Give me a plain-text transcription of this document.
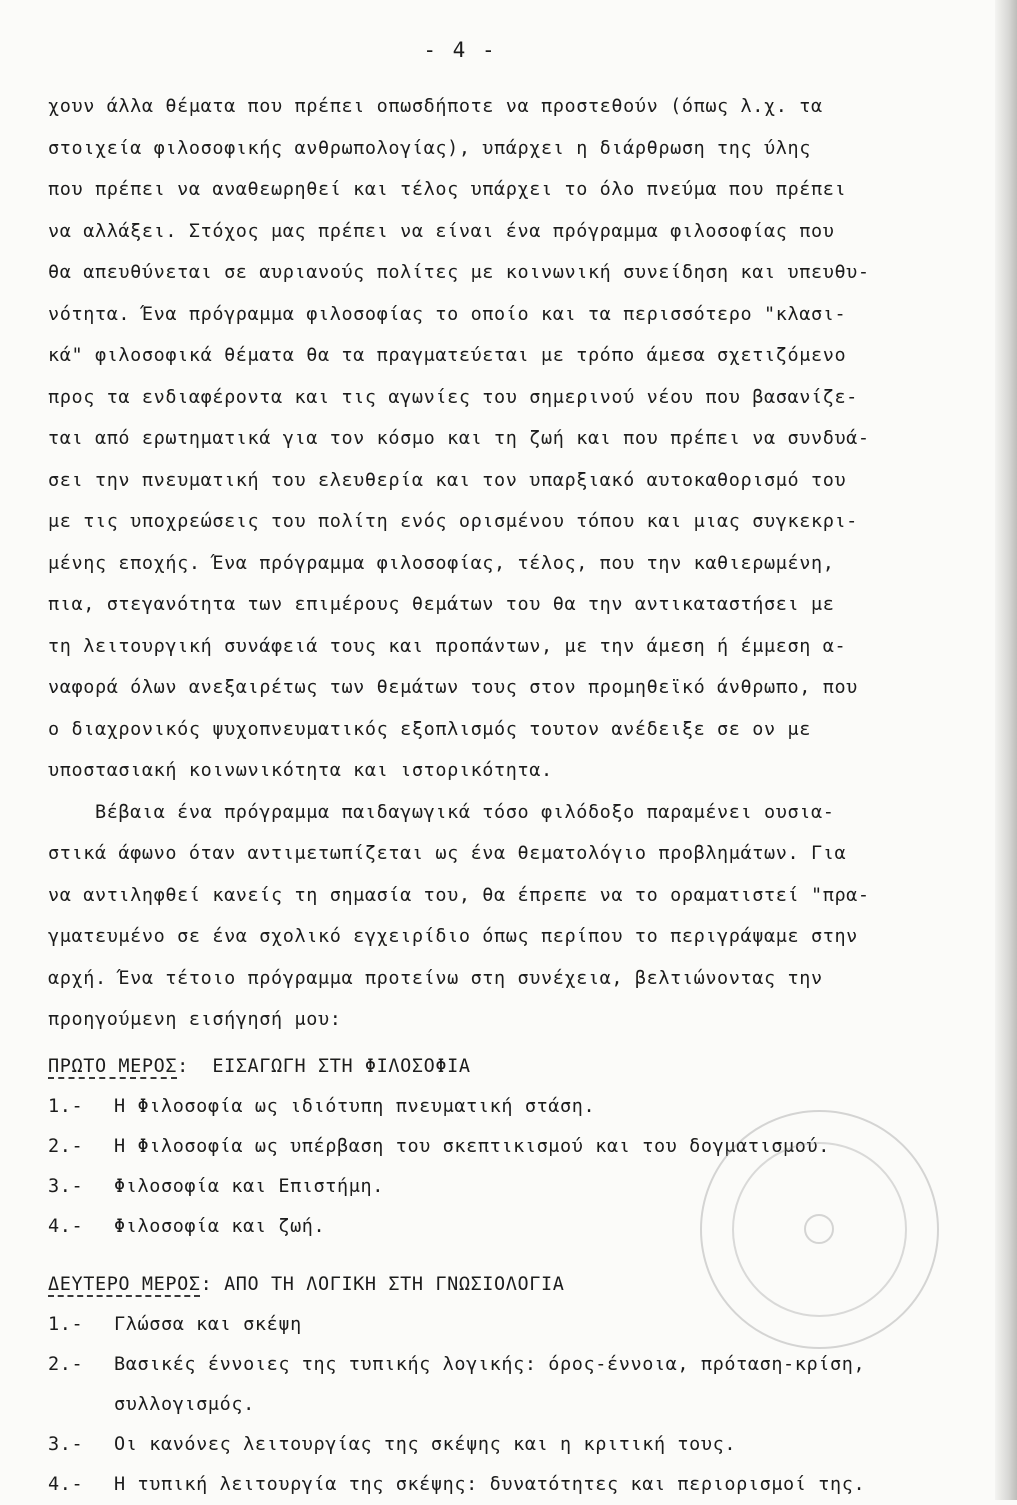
- 4 -
χουν άλλα θέματα που πρέπει οπωσδήποτε να προστεθούν (όπως λ.χ. τα
στοιχεία φιλοσοφικής ανθρωπολογίας), υπάρχει η διάρθρωση της ύλης
που πρέπει να αναθεωρηθεί και τέλος υπάρχει το όλο πνεύμα που πρέπει
να αλλάξει. Στόχος μας πρέπει να είναι ένα πρόγραμμα φιλοσοφίας που
θα απευθύνεται σε αυριανούς πολίτες με κοινωνική συνείδηση και υπευθυ-
νότητα. Ένα πρόγραμμα φιλοσοφίας το οποίο και τα περισσότερο "κλασι-
κά" φιλοσοφικά θέματα θα τα πραγματεύεται με τρόπο άμεσα σχετιζόμενο
προς τα ενδιαφέροντα και τις αγωνίες του σημερινού νέου που βασανίζε-
ται από ερωτηματικά για τον κόσμο και τη ζωή και που πρέπει να συνδυά-
σει την πνευματική του ελευθερία και τον υπαρξιακό αυτοκαθορισμό του
με τις υποχρεώσεις του πολίτη ενός ορισμένου τόπου και μιας συγκεκρι-
μένης εποχής. Ένα πρόγραμμα φιλοσοφίας, τέλος, που την καθιερωμένη,
πια, στεγανότητα των επιμέρους θεμάτων του θα την αντικαταστήσει με
τη λειτουργική συνάφειά τους και προπάντων, με την άμεση ή έμμεση α-
ναφορά όλων ανεξαιρέτως των θεμάτων τους στον προμηθεϊκό άνθρωπο, που
ο διαχρονικός ψυχοπνευματικός εξοπλισμός τουτον ανέδειξε σε ον με
υποστασιακή κοινωνικότητα και ιστορικότητα.
Βέβαια ένα πρόγραμμα παιδαγωγικά τόσο φιλόδοξο παραμένει ουσια-
στικά άφωνο όταν αντιμετωπίζεται ως ένα θεματολόγιο προβλημάτων. Για
να αντιληφθεί κανείς τη σημασία του, θα έπρεπε να το οραματιστεί "πρα-
γματευμένο σε ένα σχολικό εγχειρίδιο όπως περίπου το περιγράψαμε στην
αρχή. Ένα τέτοιο πρόγραμμα προτείνω στη συνέχεια, βελτιώνοντας την
προηγούμενη εισήγησή μου:
ΠΡΩΤΟ ΜΕΡΟΣ:  ΕΙΣΑΓΩΓΗ ΣΤΗ ΦΙΛΟΣΟΦΙΑ
1.-	Η Φιλοσοφία ως ιδιότυπη πνευματική στάση.
2.-	Η Φιλοσοφία ως υπέρβαση του σκεπτικισμού και του δογματισμού.
3.-	Φιλοσοφία και Επιστήμη.
4.-	Φιλοσοφία και ζωή.
ΔΕΥΤΕΡΟ ΜΕΡΟΣ: ΑΠΟ ΤΗ ΛΟΓΙΚΗ ΣΤΗ ΓΝΩΣΙΟΛΟΓΙΑ
1.-	Γλώσσα και σκέψη
2.-	Βασικές έννοιες της τυπικής λογικής: όρος-έννοια, πρόταση-κρίση,
συλλογισμός.
3.-	Οι κανόνες λειτουργίας της σκέψης και η κριτική τους.
4.-	Η τυπική λειτουργία της σκέψης: δυνατότητες και περιορισμοί της.
